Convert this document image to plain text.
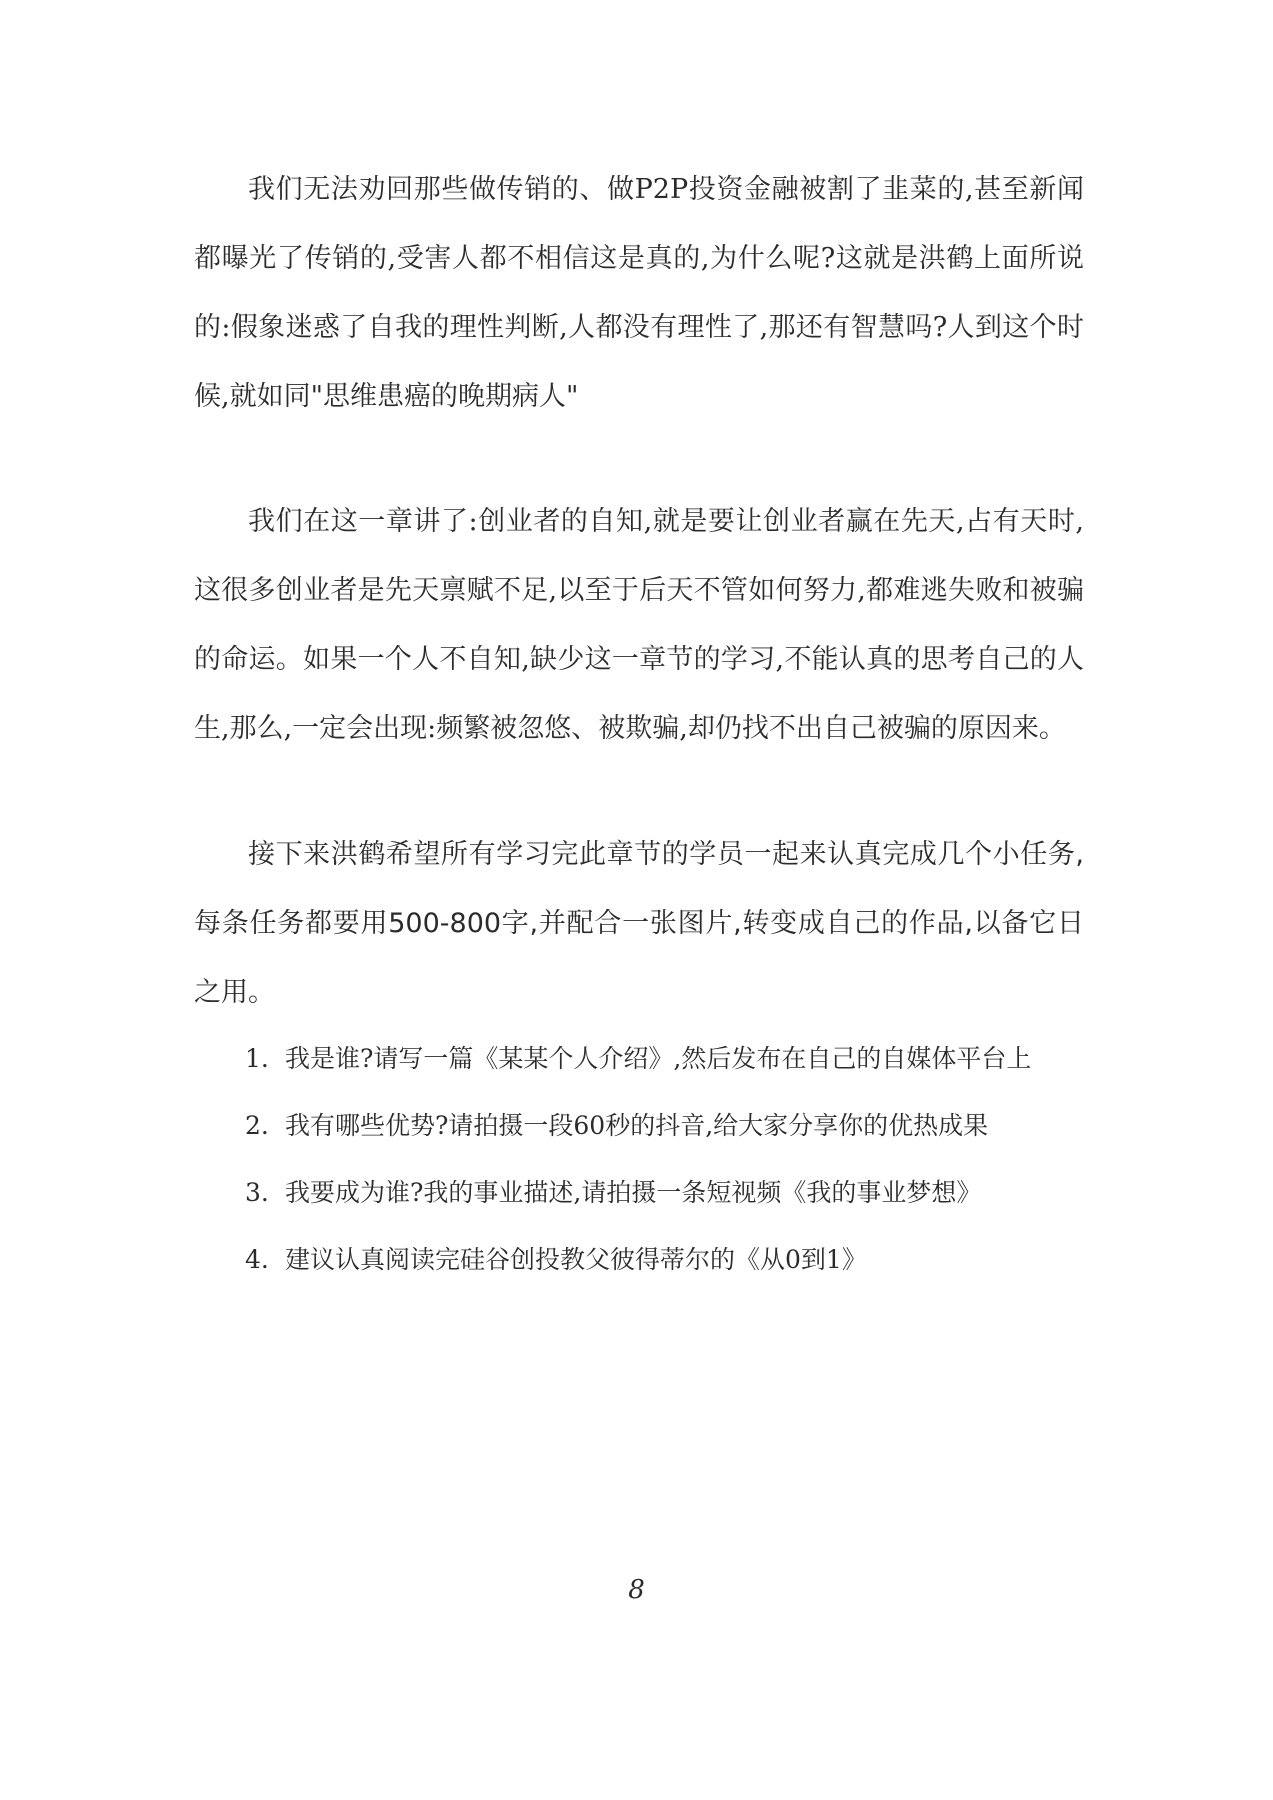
我们无法劝回那些做传销的、做P2P投资金融被割了韭菜的,甚至新闻都曝光了传销的,受害人都不相信这是真的,为什么呢?这就是洪鹤上面所说的:假象迷惑了自我的理性判断,人都没有理性了,那还有智慧吗?人到这个时候,就如同"思维患癌的晚期病人"

我们在这一章讲了:创业者的自知,就是要让创业者赢在先天,占有天时,这很多创业者是先天禀赋不足,以至于后天不管如何努力,都难逃失败和被骗的命运。如果一个人不自知,缺少这一章节的学习,不能认真的思考自己的人生,那么,一定会出现:频繁被忽悠、被欺骗,却仍找不出自己被骗的原因来。

接下来洪鹤希望所有学习完此章节的学员一起来认真完成几个小任务,每条任务都要用500-800字,并配合一张图片,转变成自己的作品,以备它日之用。

1. 我是谁?请写一篇《某某个人介绍》,然后发布在自己的自媒体平台上
2. 我有哪些优势?请拍摄一段60秒的抖音,给大家分享你的优热成果
3. 我要成为谁?我的事业描述,请拍摄一条短视频《我的事业梦想》
4. 建议认真阅读完硅谷创投教父彼得蒂尔的《从0到1》
8
